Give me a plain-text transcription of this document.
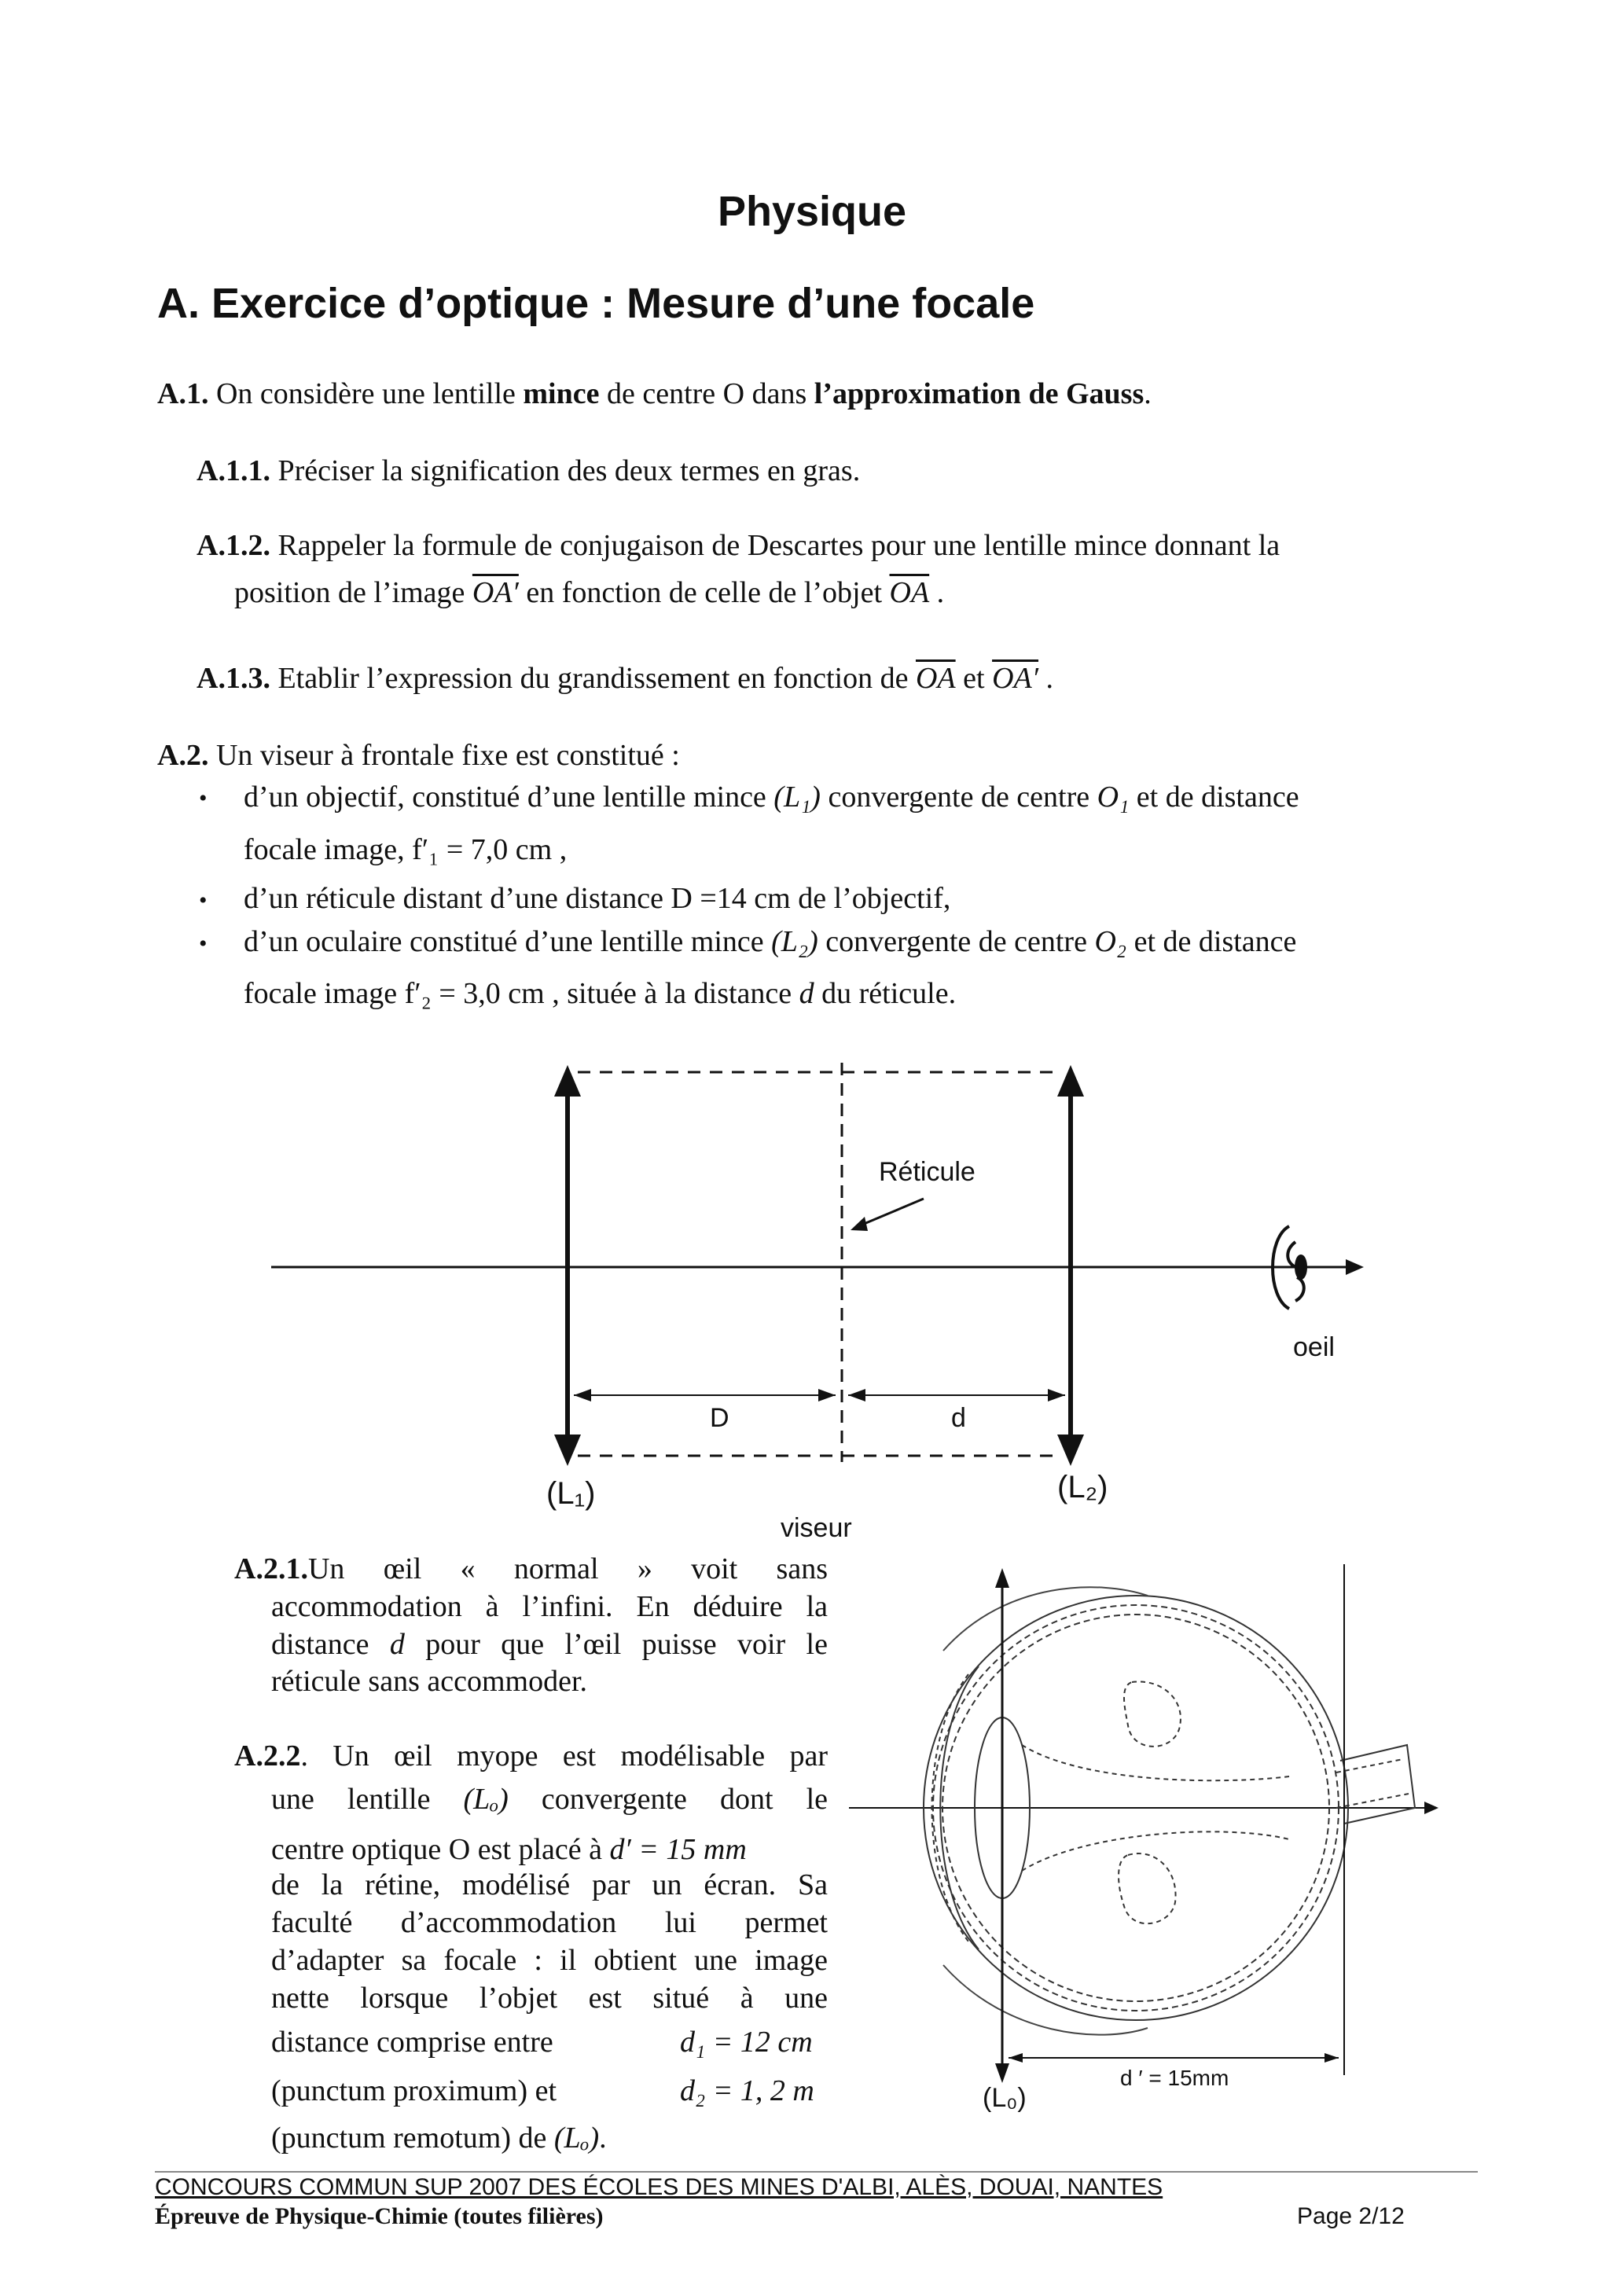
Physique
A. Exercice d’optique : Mesure d’une focale
A.1. On considère une lentille mince de centre O dans l’approximation de Gauss.
A.1.1. Préciser la signification des deux termes en gras.
A.1.2. Rappeler la formule de conjugaison de Descartes pour une lentille mince donnant la
position de l’image OA′ en fonction de celle de l’objet $\overline{OA}$ .
A.1.3. Etablir l’expression du grandissement en fonction de $\overline{OA}$ et OA′ .
A.2. Un viseur à frontale fixe est constitué :
• d’un objectif, constitué d’une lentille mince (L₁) convergente de centre O₁ et de distance
focale image, f′₁ = 7,0 cm ,
• d’un réticule distant d’une distance D =14 cm de l’objectif,
• d’un oculaire constitué d’une lentille mince (L₂) convergente de centre O₂ et de distance
focale image f′₂ = 3,0 cm , située à la distance d du réticule.
Réticule
oeil
D	d
(L₁)	(L₂)
viseur
A.2.1.Un œil « normal » voit sans
accommodation à l’infini. En déduire la
distance d pour que l’œil puisse voir le
réticule sans accommoder.
A.2.2. Un œil myope est modélisable par
une lentille (Lₒ) convergente dont le
centre optique O est placé à d′ = 15 mm
de la rétine, modélisé par un écran. Sa
faculté d’accommodation lui permet
d’adapter sa focale : il obtient une image
nette lorsque l’objet est situé à une
distance comprise entre	d₁ = 12 cm
(punctum proximum) et	d₂ = 1, 2 m
(punctum remotum) de (Lₒ).
(L₀)
d ′ = 15mm
CONCOURS COMMUN SUP 2007 DES ÉCOLES DES MINES D'ALBI, ALÈS, DOUAI, NANTES
Épreuve de Physique-Chimie (toutes filières)	Page 2/12
